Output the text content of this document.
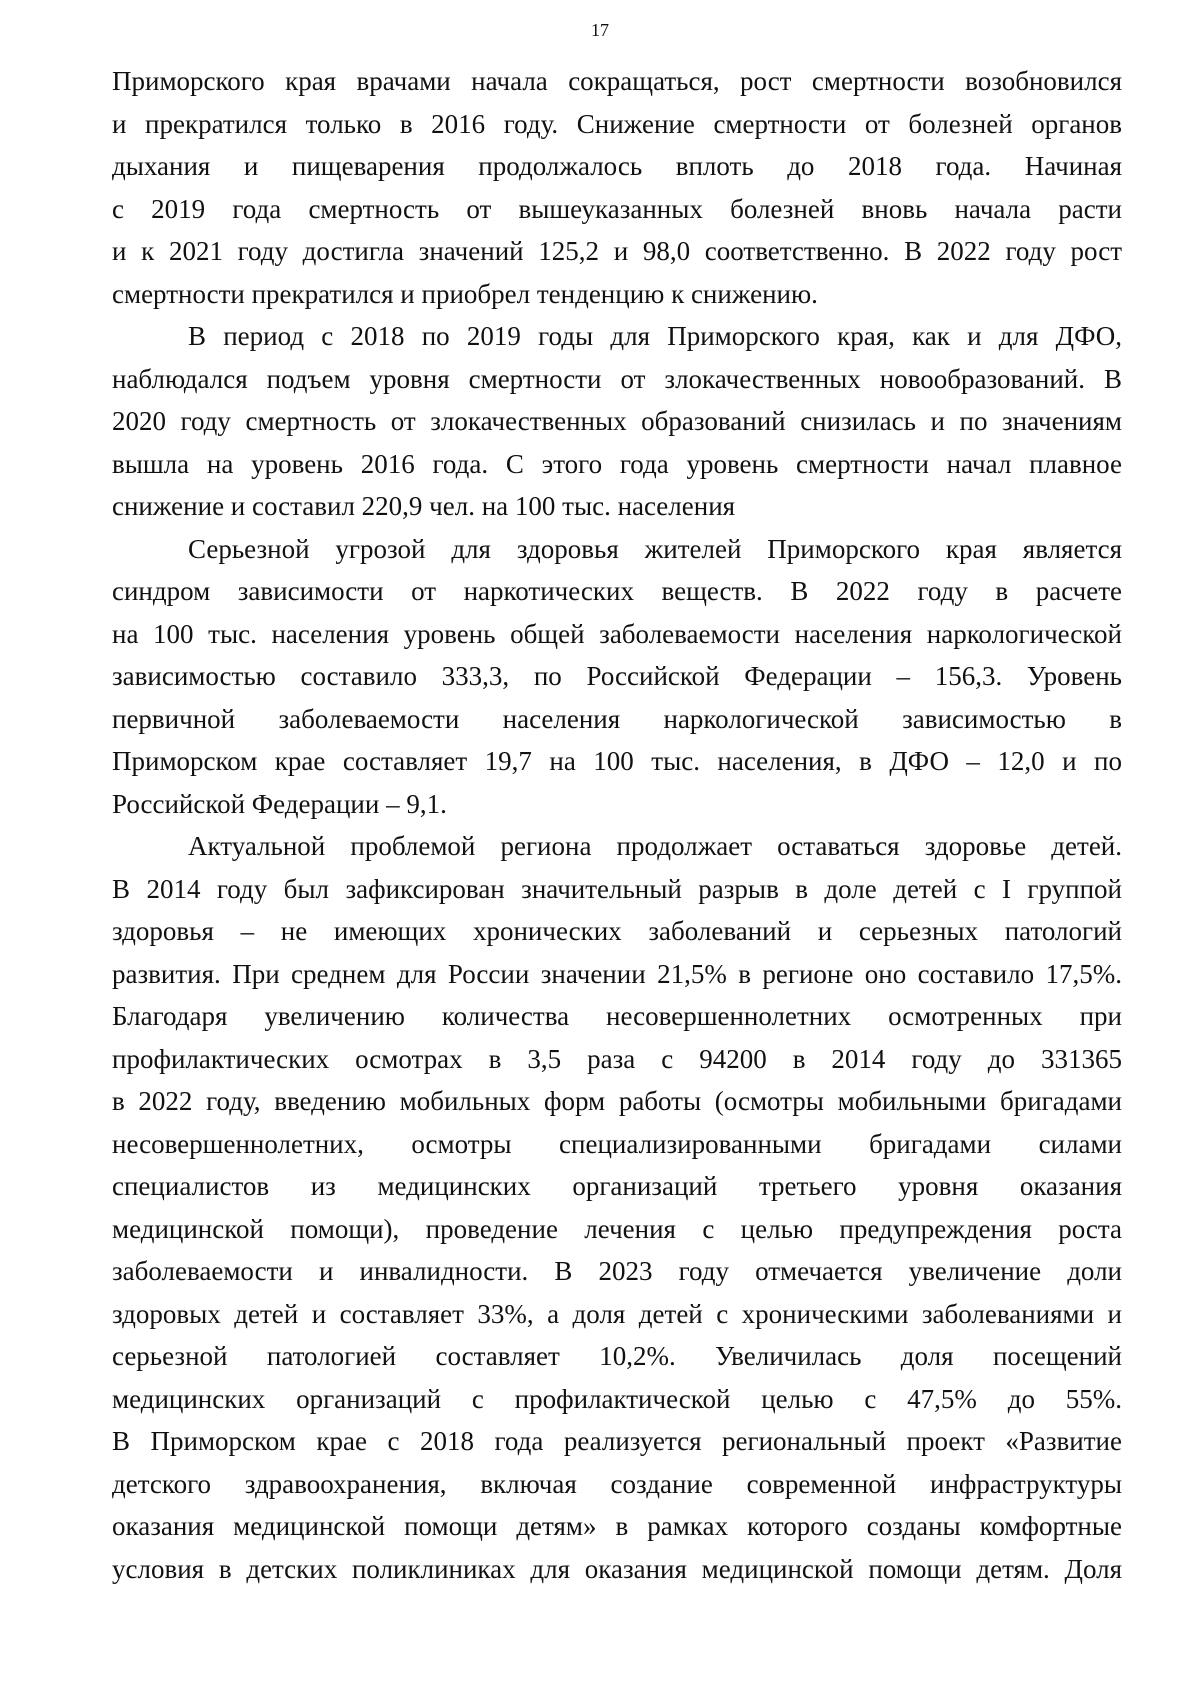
17

Приморского края врачами начала сокращаться, рост смертности возобновился
и прекратился только в 2016 году. Снижение смертности от болезней органов
дыхания и пищеварения продолжалось вплоть до 2018 года. Начиная
с 2019 года смертность от вышеуказанных болезней вновь начала расти
и к 2021 году достигла значений 125,2 и 98,0 соответственно. В 2022 году рост
смертности прекратился и приобрел тенденцию к снижению.

В период с 2018 по 2019 годы для Приморского края, как и для ДФО,
наблюдался подъем уровня смертности от злокачественных новообразований. В
2020 году смертность от злокачественных образований снизилась и по значениям
вышла на уровень 2016 года. С этого года уровень смертности начал плавное
снижение и составил 220,9 чел. на 100 тыс. населения

Серьезной угрозой для здоровья жителей Приморского края является
синдром зависимости от наркотических веществ. В 2022 году в расчете
на 100 тыс. населения уровень общей заболеваемости населения наркологической
зависимостью составило 333,3, по Российской Федерации – 156,3. Уровень
первичной заболеваемости населения наркологической зависимостью в
Приморском крае составляет 19,7 на 100 тыс. населения, в ДФО – 12,0 и по
Российской Федерации – 9,1.

Актуальной проблемой региона продолжает оставаться здоровье детей.
В 2014 году был зафиксирован значительный разрыв в доле детей с I группой
здоровья – не имеющих хронических заболеваний и серьезных патологий
развития. При среднем для России значении 21,5% в регионе оно составило 17,5%.
Благодаря увеличению количества несовершеннолетних осмотренных при
профилактических осмотрах в 3,5 раза с 94200 в 2014 году до 331365
в 2022 году, введению мобильных форм работы (осмотры мобильными бригадами
несовершеннолетних, осмотры специализированными бригадами силами
специалистов из медицинских организаций третьего уровня оказания
медицинской помощи), проведение лечения с целью предупреждения роста
заболеваемости и инвалидности. В 2023 году отмечается увеличение доли
здоровых детей и составляет 33%, а доля детей с хроническими заболеваниями и
серьезной патологией составляет 10,2%. Увеличилась доля посещений
медицинских организаций с профилактической целью с 47,5% до 55%.
В Приморском крае с 2018 года реализуется региональный проект «Развитие
детского здравоохранения, включая создание современной инфраструктуры
оказания медицинской помощи детям» в рамках которого созданы комфортные
условия в детских поликлиниках для оказания медицинской помощи детям. Доля
